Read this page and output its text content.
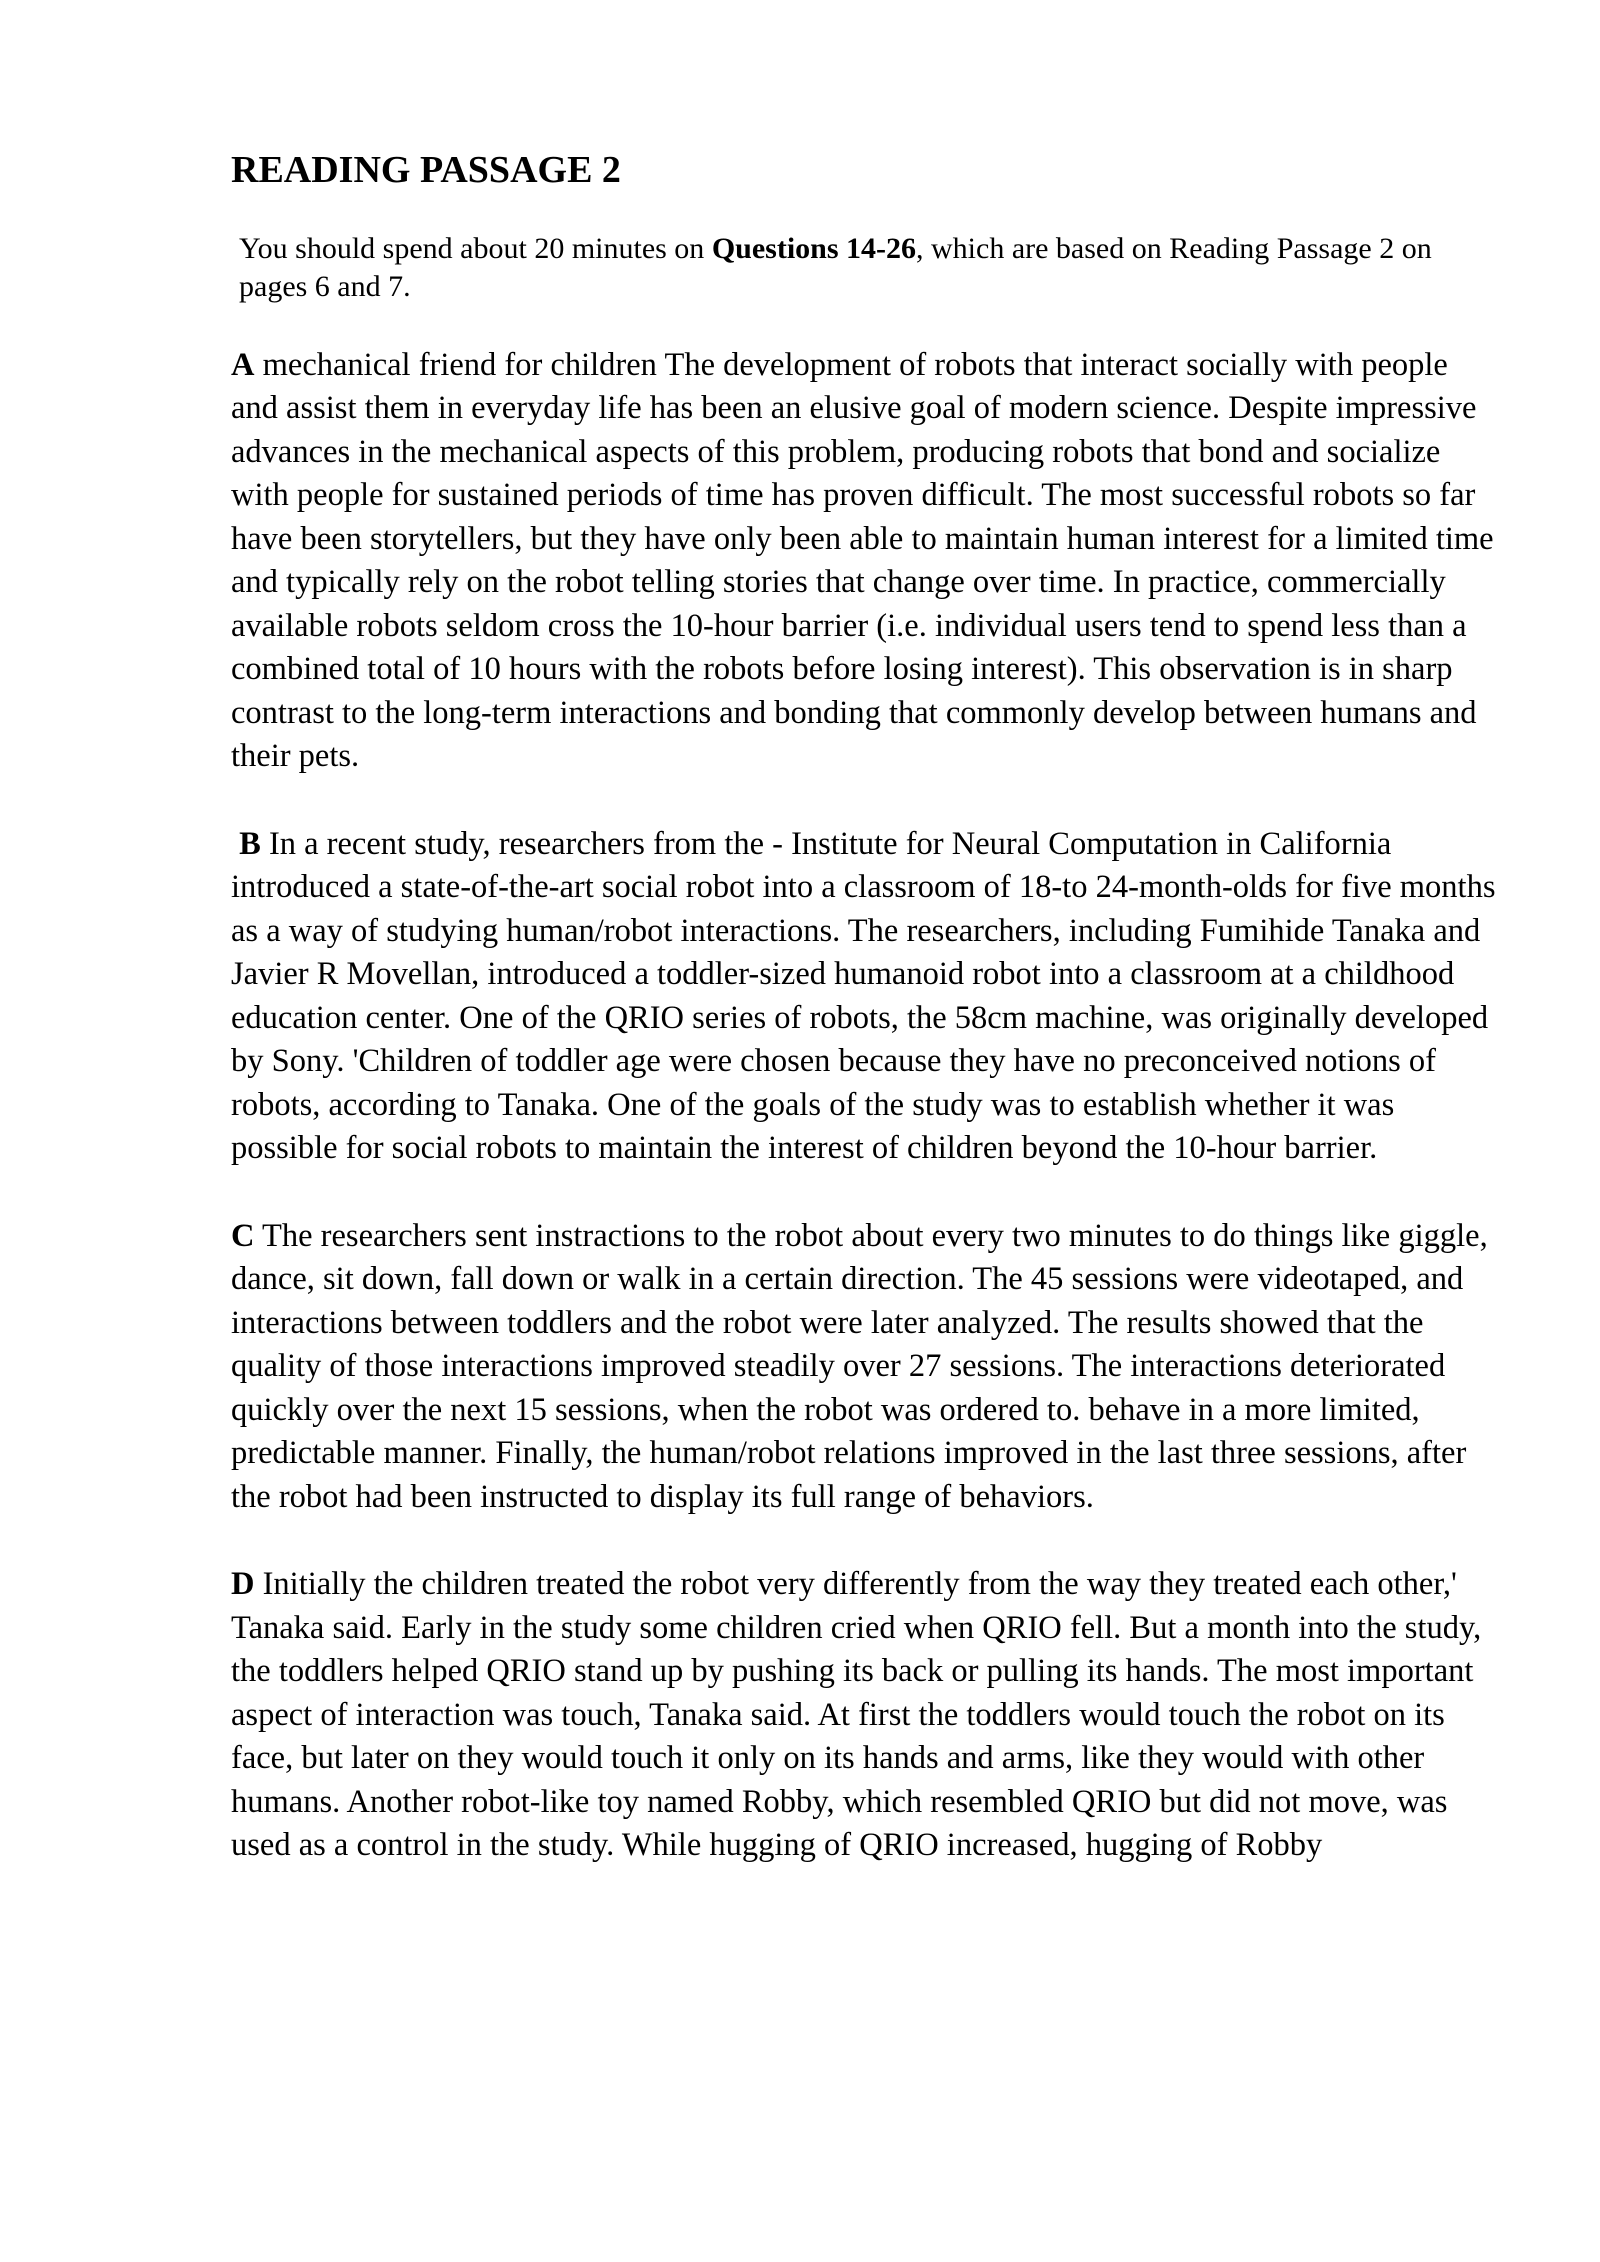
READING PASSAGE 2

You should spend about 20 minutes on Questions 14-26, which are based on Reading Passage 2 on pages 6 and 7.

A mechanical friend for children The development of robots that interact socially with people and assist them in everyday life has been an elusive goal of modern science. Despite impressive advances in the mechanical aspects of this problem, producing robots that bond and socialize with people for sustained periods of time has proven difficult. The most successful robots so far have been storytellers, but they have only been able to maintain human interest for a limited time and typically rely on the robot telling stories that change over time. In practice, commercially available robots seldom cross the 10-hour barrier (i.e. individual users tend to spend less than a combined total of 10 hours with the robots before losing interest). This observation is in sharp contrast to the long-term interactions and bonding that commonly develop between humans and their pets.

B In a recent study, researchers from the - Institute for Neural Computation in California introduced a state-of-the-art social robot into a classroom of 18-to 24-month-olds for five months as a way of studying human/robot interactions. The researchers, including Fumihide Tanaka and Javier R Movellan, introduced a toddler-sized humanoid robot into a classroom at a childhood education center. One of the QRIO series of robots, the 58cm machine, was originally developed by Sony. 'Children of toddler age were chosen because they have no preconceived notions of robots, according to Tanaka. One of the goals of the study was to establish whether it was possible for social robots to maintain the interest of children beyond the 10-hour barrier.

C The researchers sent instractions to the robot about every two minutes to do things like giggle, dance, sit down, fall down or walk in a certain direction. The 45 sessions were videotaped, and interactions between toddlers and the robot were later analyzed. The results showed that the quality of those interactions improved steadily over 27 sessions. The interactions deteriorated quickly over the next 15 sessions, when the robot was ordered to. behave in a more limited, predictable manner. Finally, the human/robot relations improved in the last three sessions, after the robot had been instructed to display its full range of behaviors.

D Initially the children treated the robot very differently from the way they treated each other,' Tanaka said. Early in the study some children cried when QRIO fell. But a month into the study, the toddlers helped QRIO stand up by pushing its back or pulling its hands. The most important aspect of interaction was touch, Tanaka said. At first the toddlers would touch the robot on its face, but later on they would touch it only on its hands and arms, like they would with other humans. Another robot-like toy named Robby, which resembled QRIO but did not move, was used as a control in the study. While hugging of QRIO increased, hugging of Robby
